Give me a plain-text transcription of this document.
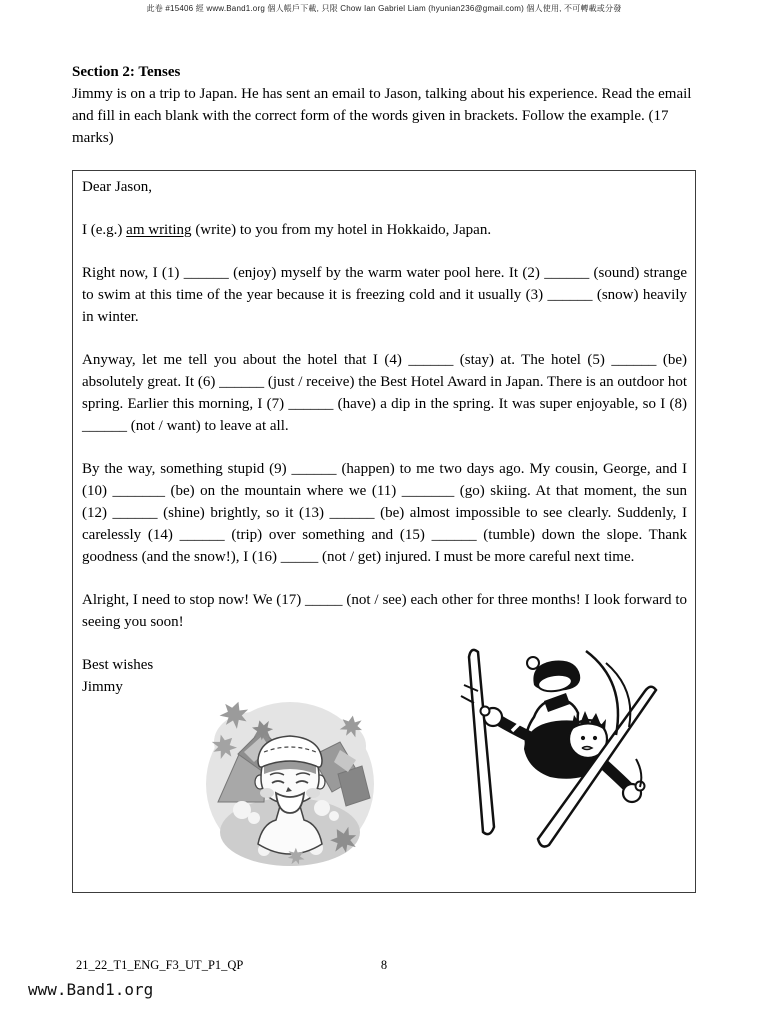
此卷 #15406 經 www.Band1.org 個人帳戶下載, 只限 Chow Ian Gabriel Liam (hyunian236@gmail.com) 個人使用, 不可轉載或分發
Section 2: Tenses
Jimmy is on a trip to Japan. He has sent an email to Jason, talking about his experience. Read the email and fill in each blank with the correct form of the words given in brackets. Follow the example. (17 marks)

Dear Jason,

I (e.g.) am writing (write) to you from my hotel in Hokkaido, Japan.

Right now, I (1) ______ (enjoy) myself by the warm water pool here. It (2) ______ (sound) strange to swim at this time of the year because it is freezing cold and it usually (3) ______ (snow) heavily in winter.

Anyway, let me tell you about the hotel that I (4) ______ (stay) at. The hotel (5) ______ (be) absolutely great. It (6) ______ (just / receive) the Best Hotel Award in Japan. There is an outdoor hot spring. Earlier this morning, I (7) ______ (have) a dip in the spring. It was super enjoyable, so I (8) ______ (not / want) to leave at all.

By the way, something stupid (9) ______ (happen) to me two days ago. My cousin, George, and I (10) _______ (be) on the mountain where we (11) _______ (go) skiing. At that moment, the sun (12) ______ (shine) brightly, so it (13) ______ (be) almost impossible to see clearly. Suddenly, I carelessly (14) ______ (trip) over something and (15) ______ (tumble) down the slope. Thank goodness (and the snow!), I (16) _____ (not / get) injured. I must be more careful next time.

Alright, I need to stop now! We (17) _____ (not / see) each other for three months! I look forward to seeing you soon!

Best wishes
Jimmy
21_22_T1_ENG_F3_UT_P1_QP	8
www.Band1.org
